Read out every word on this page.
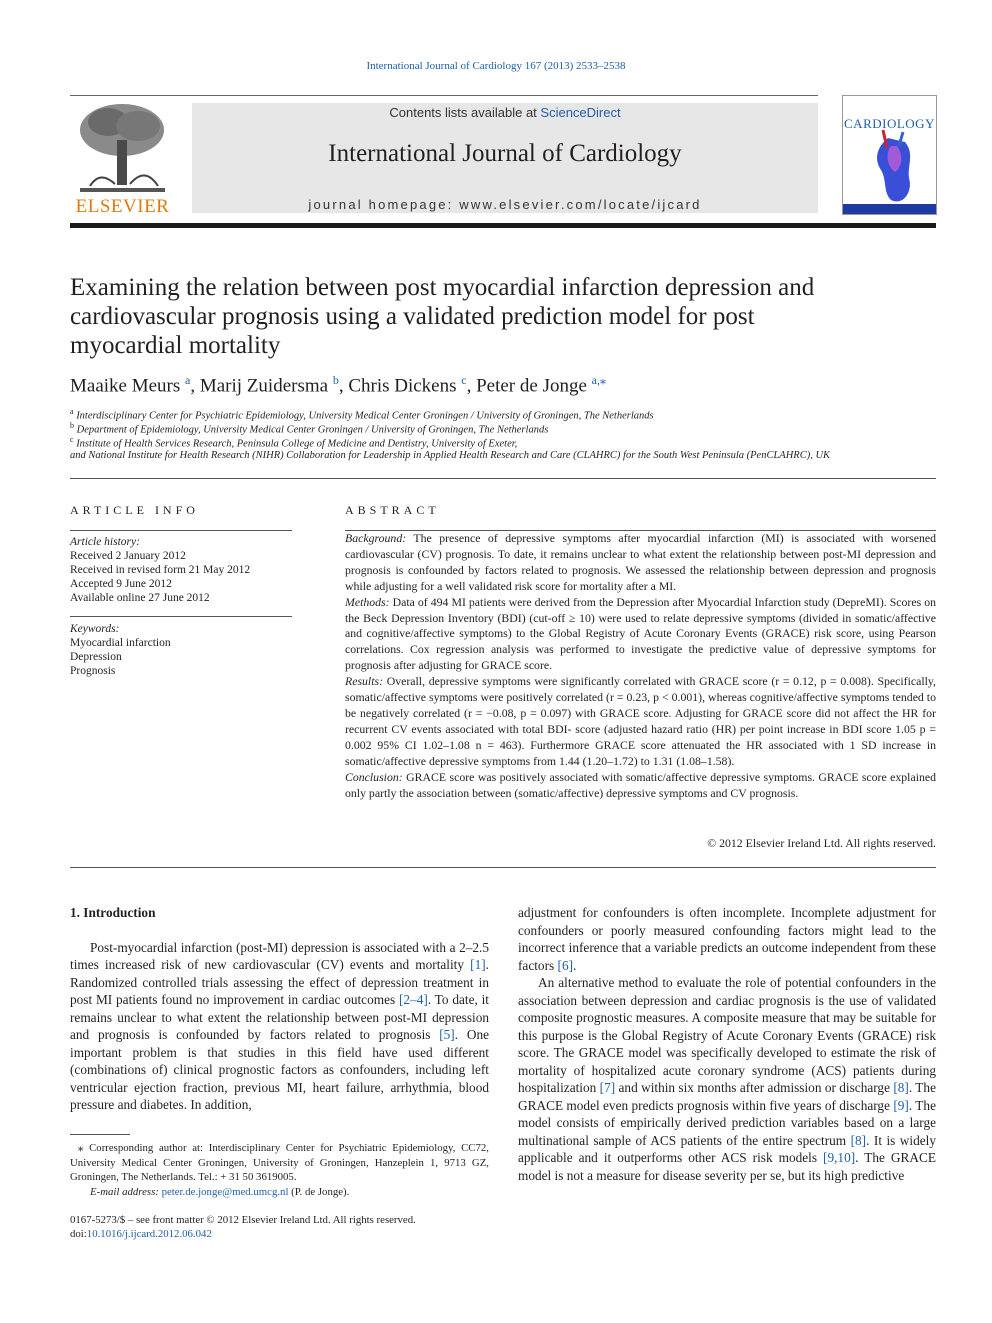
International Journal of Cardiology 167 (2013) 2533–2538
ELSEVIER
Contents lists available at ScienceDirect
International Journal of Cardiology
journal homepage: www.elsevier.com/locate/ijcard
CARDIOLOGY
Examining the relation between post myocardial infarction depression and cardiovascular prognosis using a validated prediction model for post myocardial mortality
Maaike Meurs $^a$, Marij Zuidersma $^b$, Chris Dickens $^c$, Peter de Jonge $^{a,⁎}$
$^a$ Interdisciplinary Center for Psychiatric Epidemiology, University Medical Center Groningen / University of Groningen, The Netherlands
$^b$ Department of Epidemiology, University Medical Center Groningen / University of Groningen, The Netherlands
$^c$ Institute of Health Services Research, Peninsula College of Medicine and Dentistry, University of Exeter,
and National Institute for Health Research (NIHR) Collaboration for Leadership in Applied Health Research and Care (CLAHRC) for the South West Peninsula (PenCLAHRC), UK
ARTICLE INFO
Article history:
Received 2 January 2012
Received in revised form 21 May 2012
Accepted 9 June 2012
Available online 27 June 2012
Keywords:
Myocardial infarction
Depression
Prognosis
ABSTRACT

Background: The presence of depressive symptoms after myocardial infarction (MI) is associated with worsened cardiovascular (CV) prognosis. To date, it remains unclear to what extent the relationship between post-MI depression and prognosis is confounded by factors related to prognosis. We assessed the relationship between depression and prognosis while adjusting for a well validated risk score for mortality after a MI.

Methods: Data of 494 MI patients were derived from the Depression after Myocardial Infarction study (DepreMI). Scores on the Beck Depression Inventory (BDI) (cut-off ≥ 10) were used to relate depressive symptoms (divided in somatic/affective and cognitive/affective symptoms) to the Global Registry of Acute Coronary Events (GRACE) risk score, using Pearson correlations. Cox regression analysis was performed to investigate the predictive value of depressive symptoms for prognosis after adjusting for GRACE score.

Results: Overall, depressive symptoms were significantly correlated with GRACE score (r = 0.12, p = 0.008). Specifically, somatic/affective symptoms were positively correlated (r = 0.23, p < 0.001), whereas cognitive/affective symptoms tended to be negatively correlated (r = −0.08, p = 0.097) with GRACE score. Adjusting for GRACE score did not affect the HR for recurrent CV events associated with total BDI- score (adjusted hazard ratio (HR) per point increase in BDI score 1.05 p = 0.002 95% CI 1.02–1.08 n = 463). Furthermore GRACE score attenuated the HR associated with 1 SD increase in somatic/affective depressive symptoms from 1.44 (1.20–1.72) to 1.31 (1.08–1.58).

Conclusion: GRACE score was positively associated with somatic/affective depressive symptoms. GRACE score explained only partly the association between (somatic/affective) depressive symptoms and CV prognosis.

© 2012 Elsevier Ireland Ltd. All rights reserved.
1. Introduction

Post-myocardial infarction (post-MI) depression is associated with a 2–2.5 times increased risk of new cardiovascular (CV) events and mortality [1]. Randomized controlled trials assessing the effect of depression treatment in post MI patients found no improvement in cardiac outcomes [2–4]. To date, it remains unclear to what extent the relationship between post-MI depression and prognosis is confounded by factors related to prognosis [5]. One important problem is that studies in this field have used different (combinations of) clinical prognostic factors as confounders, including left ventricular ejection fraction, previous MI, heart failure, arrhythmia, blood pressure and diabetes. In addition,

⁎ Corresponding author at: Interdisciplinary Center for Psychiatric Epidemiology, CC72, University Medical Center Groningen, University of Groningen, Hanzeplein 1, 9713 GZ, Groningen, The Netherlands. Tel.: + 31 50 3619005.
E-mail address: peter.de.jonge@med.umcg.nl (P. de Jonge).
0167-5273/$ – see front matter © 2012 Elsevier Ireland Ltd. All rights reserved.
doi:10.1016/j.ijcard.2012.06.042

adjustment for confounders is often incomplete. Incomplete adjustment for confounders or poorly measured confounding factors might lead to the incorrect inference that a variable predicts an outcome independent from these factors [6].

An alternative method to evaluate the role of potential confounders in the association between depression and cardiac prognosis is the use of validated composite prognostic measures. A composite measure that may be suitable for this purpose is the Global Registry of Acute Coronary Events (GRACE) risk score. The GRACE model was specifically developed to estimate the risk of mortality of hospitalized acute coronary syndrome (ACS) patients during hospitalization [7] and within six months after admission or discharge [8]. The GRACE model even predicts prognosis within five years of discharge [9]. The model consists of empirically derived prediction variables based on a large multinational sample of ACS patients of the entire spectrum [8]. It is widely applicable and it outperforms other ACS risk models [9,10]. The GRACE model is not a measure for disease severity per se, but its high predictive
